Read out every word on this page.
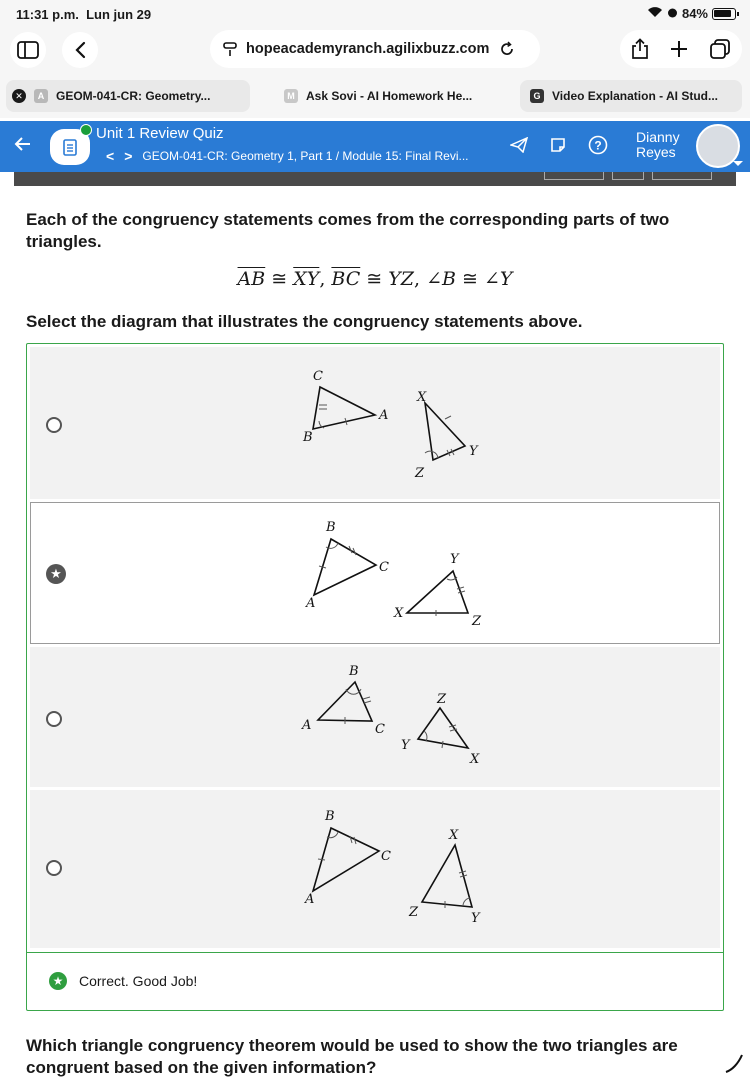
11:31 p.m. Lun jun 29	84%
hopeacademyranch.agilixbuzz.com
✕	A GEOM-041-CR: Geometry...	M Ask Sovi - AI Homework He...	G Video Explanation - AI Stud...
Unit 1 Review Quiz
< > GEOM-041-CR: Geometry 1, Part 1 / Module 15: Final Revi...
?
Dianny
Reyes
Each of the congruency statements comes from the corresponding parts of two triangles.
$\overline{AB}$ ≅ $\overline{XY}$, $\overline{BC}$ ≅ YZ, ∠B ≅ ∠Y
Select the diagram that illustrates the congruency statements above.
C
A
B
X
Y
Z
★
B
C
A
Y
X
Z
B
A	C
Z
Y
X
B
C
A
X
Z	Y
★ Correct. Good Job!
Which triangle congruency theorem would be used to show the two triangles are congruent based on the given information?
